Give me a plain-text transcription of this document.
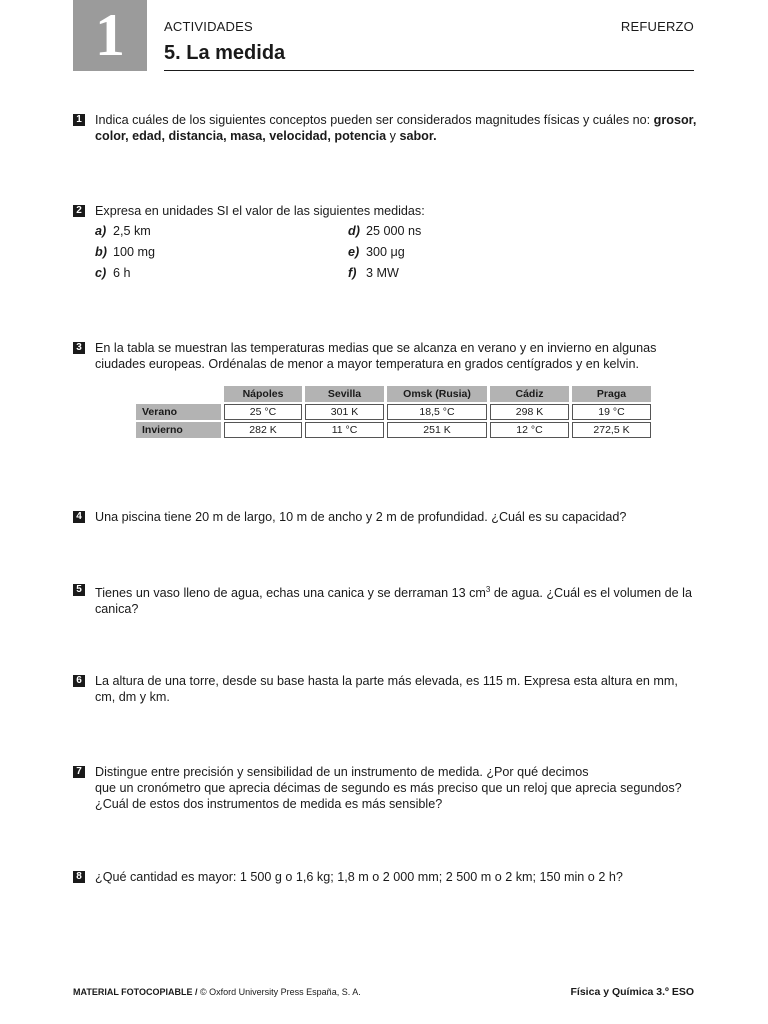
1	ACTIVIDADES	REFUERZO
5. La medida
1 Indica cuáles de los siguientes conceptos pueden ser considerados magnitudes físicas y cuáles no: grosor, color, edad, distancia, masa, velocidad, potencia y sabor.
2 Expresa en unidades SI el valor de las siguientes medidas:
a) 2,5 km	d) 25 000 ns
b) 100 mg	e) 300 μg
c) 6 h	f) 3 MW
3 En la tabla se muestran las temperaturas medias que se alcanza en verano y en invierno en algunas ciudades europeas. Ordénalas de menor a mayor temperatura en grados centígrados y en kelvin.
	Nápoles	Sevilla	Omsk (Rusia)	Cádiz	Praga
Verano	25 °C	301 K	18,5 °C	298 K	19 °C
Invierno	282 K	11 °C	251 K	12 °C	272,5 K
4 Una piscina tiene 20 m de largo, 10 m de ancho y 2 m de profundidad. ¿Cuál es su capacidad?
5 Tienes un vaso lleno de agua, echas una canica y se derraman 13 $cm^3$ de agua. ¿Cuál es el volumen de la canica?
6 La altura de una torre, desde su base hasta la parte más elevada, es 115 m. Expresa esta altura en mm, cm, dm y km.
7 Distingue entre precisión y sensibilidad de un instrumento de medida. ¿Por qué decimos
que un cronómetro que aprecia décimas de segundo es más preciso que un reloj que aprecia segundos?
¿Cuál de estos dos instrumentos de medida es más sensible?
8 ¿Qué cantidad es mayor: 1 500 g o 1,6 kg; 1,8 m o 2 000 mm; 2 500 m o 2 km; 150 min o 2 h?
MATERIAL FOTOCOPIABLE / © Oxford University Press España, S. A.	Física y Química 3.º ESO
